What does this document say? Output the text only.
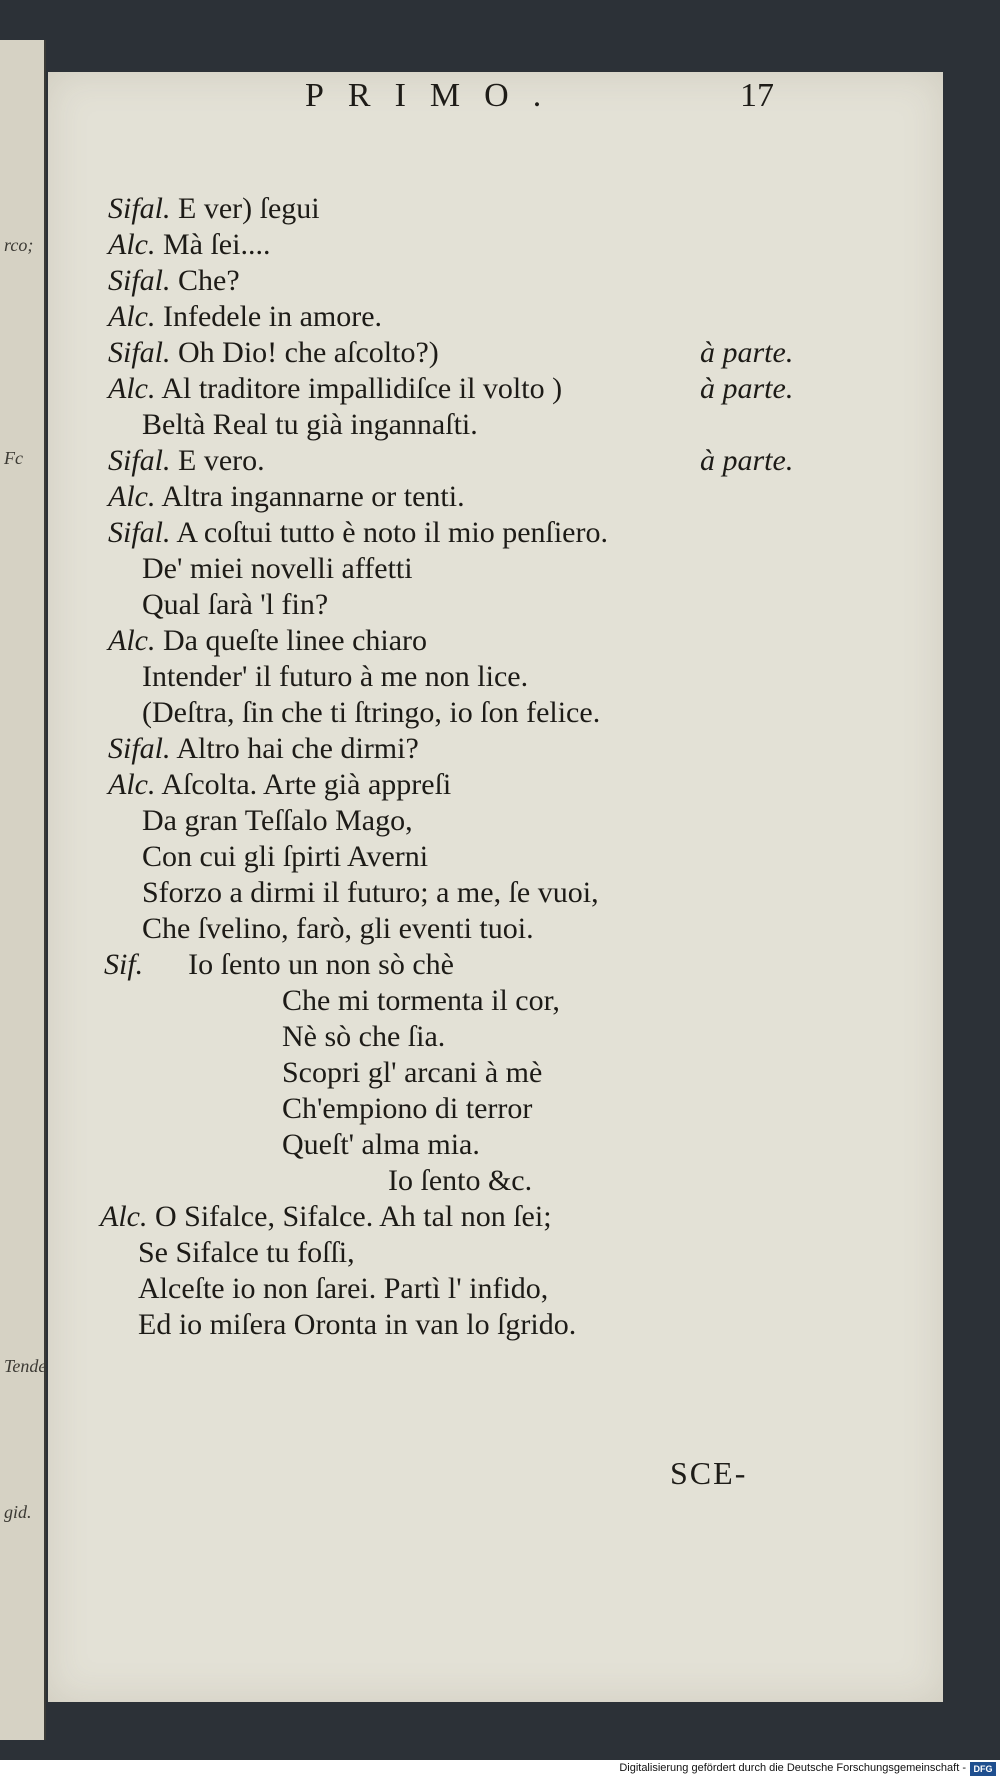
rco;
Fc
Tende
gid.
PRIMO.	17
Sifal. E ver) ſegui
Alc. Mà ſei....
Sifal. Che?
Alc. Infedele in amore.
Sifal. Oh Dio! che aſcolto?)	à parte.
Alc. Al traditore impallidiſce il volto )	à parte.
Beltà Real tu già ingannaſti.
Sifal. E vero.	à parte.
Alc. Altra ingannarne or tenti.
Sifal. A coſtui tutto è noto il mio penſiero.
De' miei novelli affetti
Qual ſarà 'l fin?
Alc. Da queſte linee chiaro
Intender' il futuro à me non lice.
(Deſtra, ſin che ti ſtringo, io ſon felice.
Sifal. Altro hai che dirmi?
Alc. Aſcolta. Arte già appreſi
Da gran Teſſalo Mago,
Con cui gli ſpirti Averni
Sforzo a dirmi il futuro; a me, ſe vuoi,
Che ſvelino, farò, gli eventi tuoi.
Sif. Io ſento un non sò chè
Che mi tormenta il cor,
Nè sò che ſia.
Scopri gl' arcani à mè
Ch'empiono di terror
Queſt' alma mia.
Io ſento &c.
Alc. O Sifalce, Sifalce. Ah tal non ſei;
Se Sifalce tu foſſi,
Alceſte io non ſarei. Partì l' infido,
Ed io miſera Oronta in van lo ſgrido.
SCE-
Digitalisierung gefördert durch die Deutsche Forschungsgemeinschaft - DFG
